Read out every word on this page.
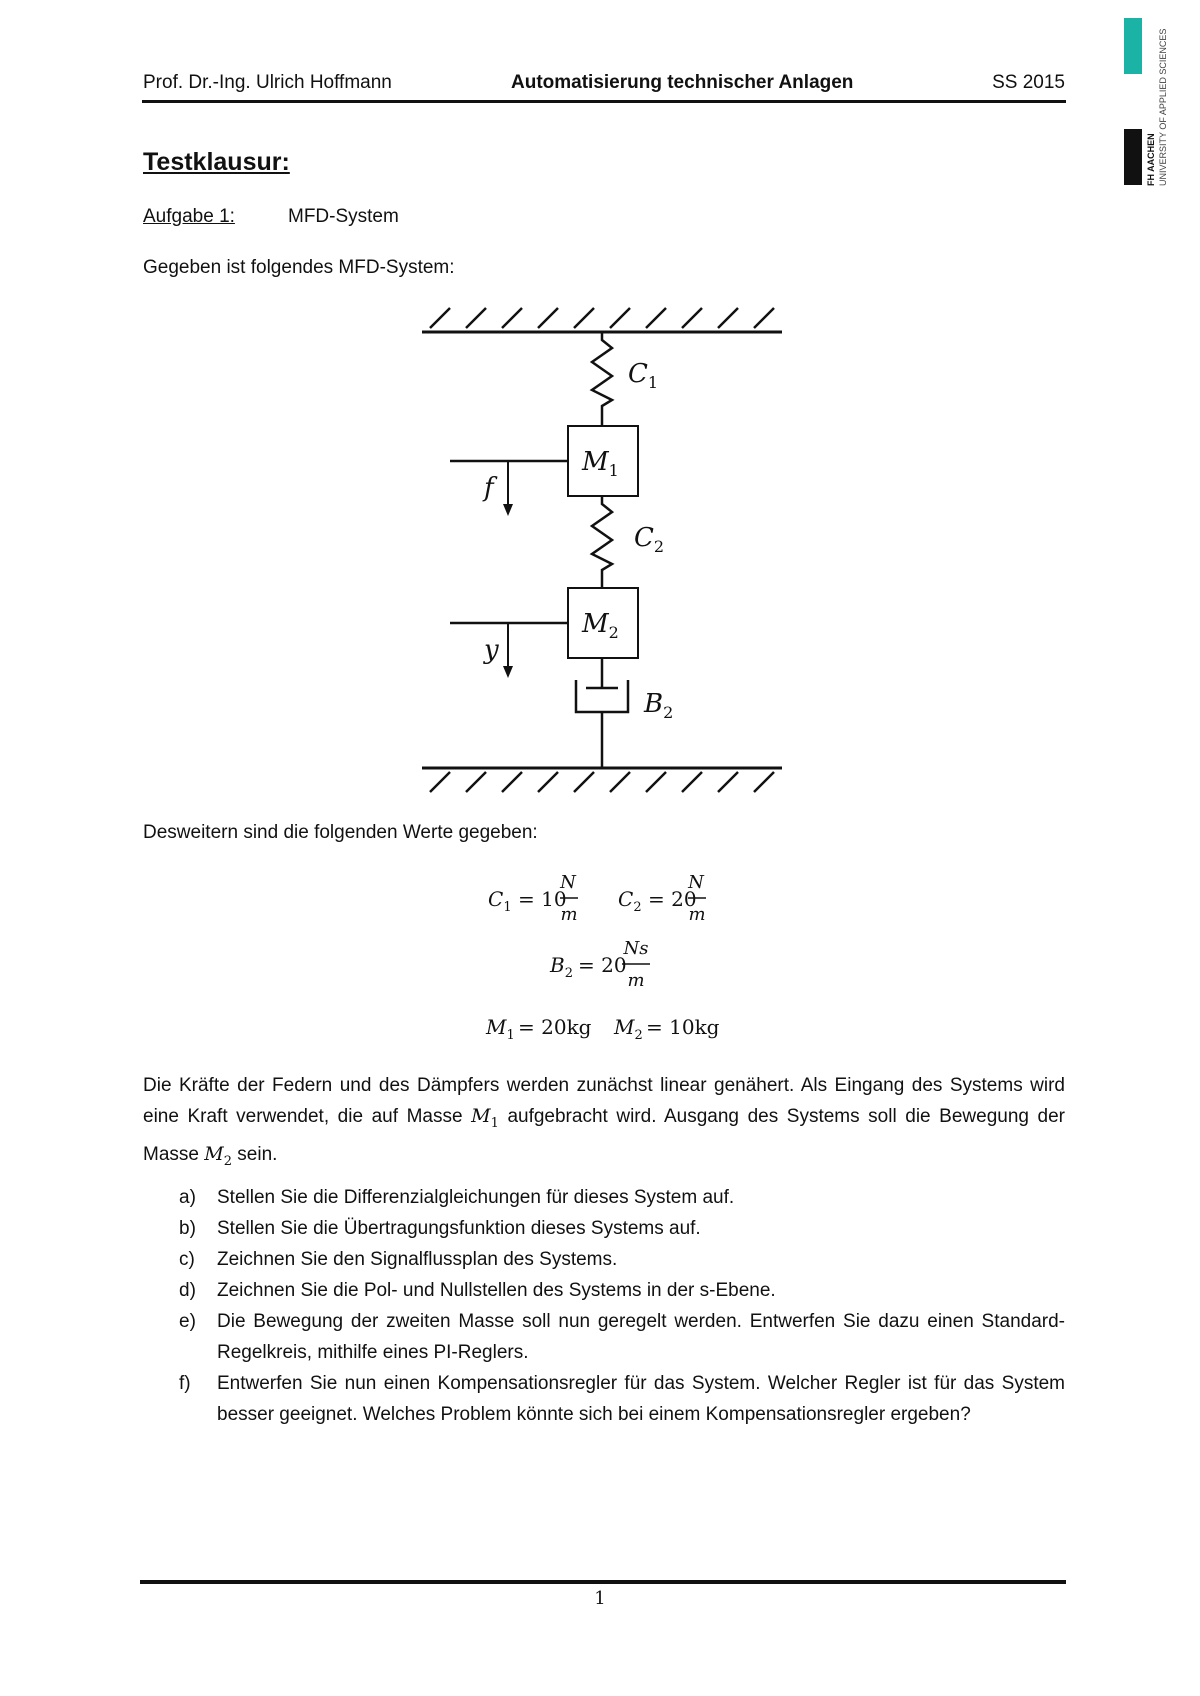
Prof. Dr.-Ing. Ulrich Hoffmann	Automatisierung technischer Anlagen	SS 2015
FH AACHEN UNIVERSITY OF APPLIED SCIENCES
Testklausur:
Aufgabe 1:	MFD-System
Gegeben ist folgendes MFD-System:
$C_1$
$M_1$
f
$C_2$
$M_2$
y
$B_2$
Desweitern sind die folgenden Werte gegeben:
$C_1 = 10$
N
m
$C_2 = 20$
N
m
$B_2 = 20$
Ns
m
$M_1 = 20kg$ $M_2 = 10kg$
Die Kräfte der Federn und des Dämpfers werden zunächst linear genähert. Als Eingang des Systems wird eine Kraft verwendet, die auf Masse $M_1$ aufgebracht wird. Ausgang des Systems soll die Bewegung der Masse $M_2$ sein.
a) Stellen Sie die Differenzialgleichungen für dieses System auf.
b) Stellen Sie die Übertragungsfunktion dieses Systems auf.
c) Zeichnen Sie den Signalflussplan des Systems.
d) Zeichnen Sie die Pol- und Nullstellen des Systems in der s-Ebene.
e) Die Bewegung der zweiten Masse soll nun geregelt werden. Entwerfen Sie dazu einen Standard-Regelkreis, mithilfe eines PI-Reglers.
f) Entwerfen Sie nun einen Kompensationsregler für das System. Welcher Regler ist für das System besser geeignet. Welches Problem könnte sich bei einem Kompensationsregler ergeben?
1
